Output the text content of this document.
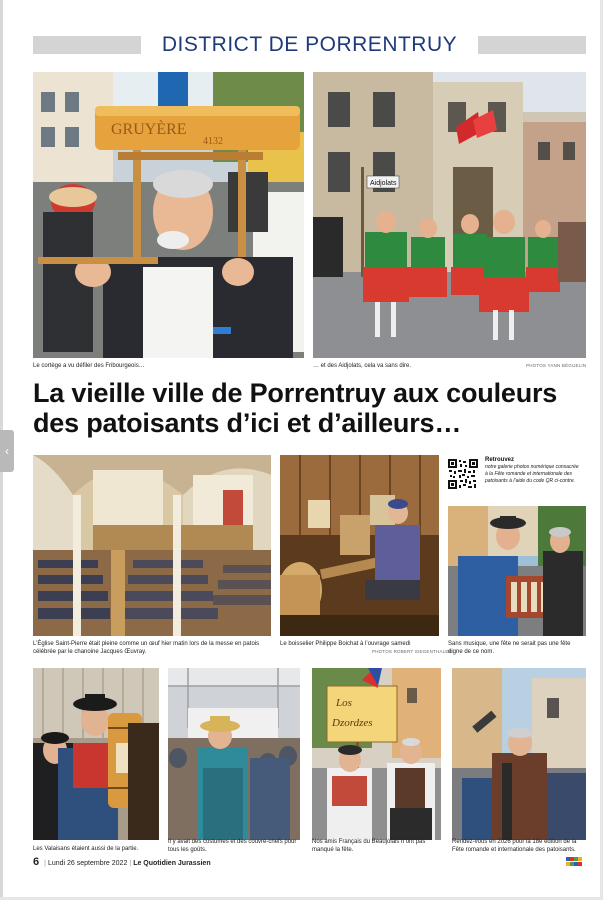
‹
DISTRICT DE PORRENTRUY
GRUYÈRE
4132
Le cortège a vu défiler des Fribourgeois…
Aidjolats
… et des Aidjolats, cela va sans dire.	PHOTOS YANN BÉGUELIN
La vieille ville de Porrentruy aux couleurs des patoisants d’ici et d’ailleurs…
L’Église Saint-Pierre était pleine comme un œuf hier matin lors de la messe en patois célébrée par le chanoine Jacques Œuvray.
Le boisselier Philippe Boichat à l’ouvrage samedi
PHOTOS ROBERT SIEGENTHALER
Retrouvez
notre galerie photos numérique consacrée à la Fête romande et internationale des patoisants à l’aide du code QR ci-contre.
Sans musique, une fête ne serait pas une fête digne de ce nom.
Les Valaisans étaient aussi de la partie.
Il y avait des costumes et des couvre-chefs pour tous les goûts.
Los
Dzordzes
Nos amis Français du Beaujolais n’ont pas manqué la fête.
Rendez-vous en 2026 pour la 18e édition de la Fête romande et internationale des patoisants.
6 | Lundi 26 septembre 2022 | Le Quotidien Jurassien
